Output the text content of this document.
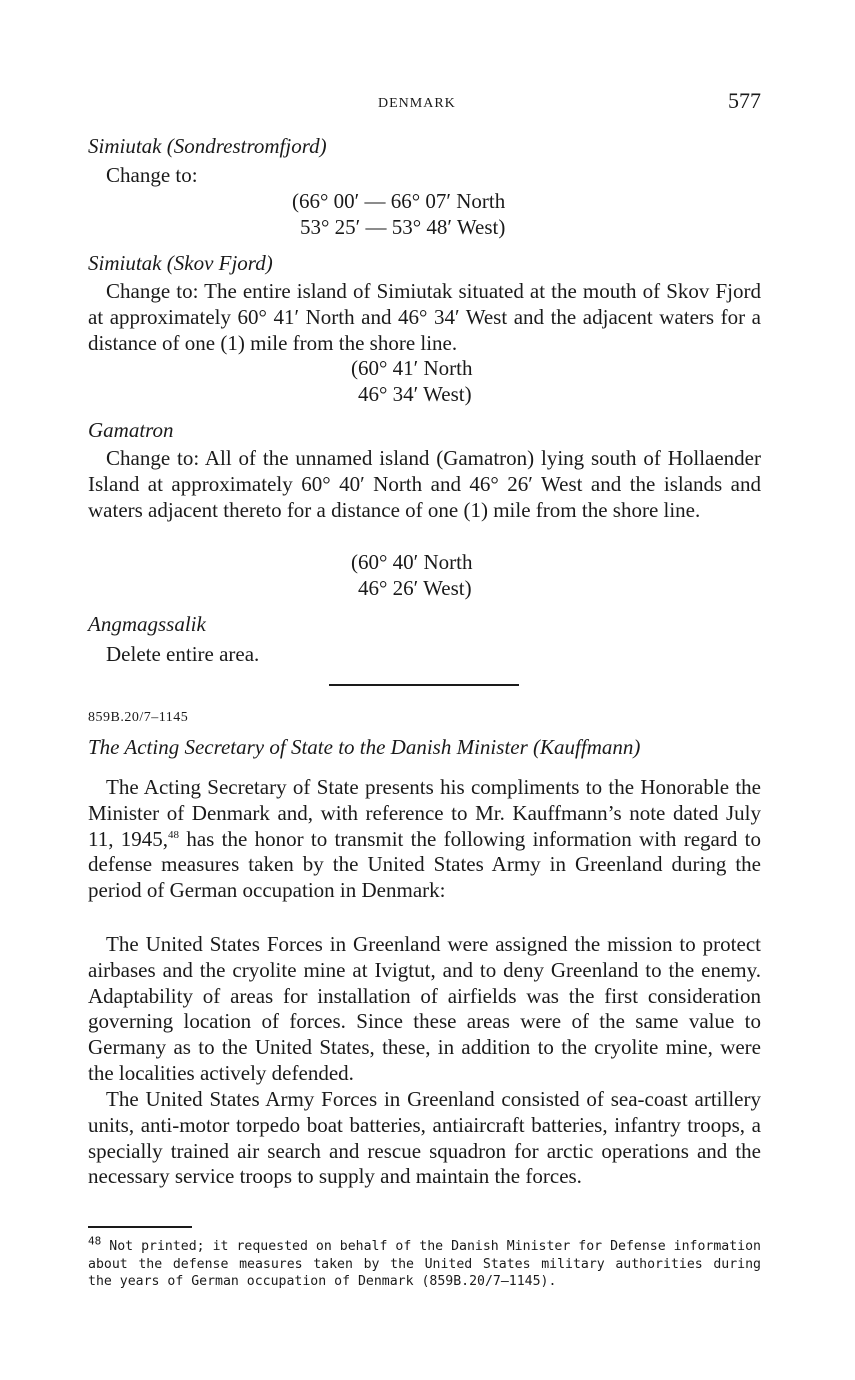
DENMARK	577
Simiutak (Sondrestromfjord)
Change to:
(66° 00′ — 66° 07′ North
53° 25′ — 53° 48′ West)
Simiutak (Skov Fjord)
Change to: The entire island of Simiutak situated at the mouth of Skov Fjord at approximately 60° 41′ North and 46° 34′ West and the adjacent waters for a distance of one (1) mile from the shore line.
(60° 41′ North
46° 34′ West)
Gamatron
Change to: All of the unnamed island (Gamatron) lying south of Hollaender Island at approximately 60° 40′ North and 46° 26′ West and the islands and waters adjacent thereto for a distance of one (1) mile from the shore line.
(60° 40′ North
46° 26′ West)
Angmagssalik
Delete entire area.
859B.20/7–1145
The Acting Secretary of State to the Danish Minister (Kauffmann)
The Acting Secretary of State presents his compliments to the Honorable the Minister of Denmark and, with reference to Mr. Kauffmann’s note dated July 11, 1945,48 has the honor to transmit the following information with regard to defense measures taken by the United States Army in Greenland during the period of German occupation in Denmark:
The United States Forces in Greenland were assigned the mission to protect airbases and the cryolite mine at Ivigtut, and to deny Greenland to the enemy. Adaptability of areas for installation of airfields was the first consideration governing location of forces. Since these areas were of the same value to Germany as to the United States, these, in addition to the cryolite mine, were the localities actively defended.
The United States Army Forces in Greenland consisted of sea-coast artillery units, anti-motor torpedo boat batteries, antiaircraft batteries, infantry troops, a specially trained air search and rescue squadron for arctic operations and the necessary service troops to supply and maintain the forces.
$^{48}$ Not printed; it requested on behalf of the Danish Minister for Defense information about the defense measures taken by the United States military authorities during the years of German occupation of Denmark (859B.20/7–1145).
